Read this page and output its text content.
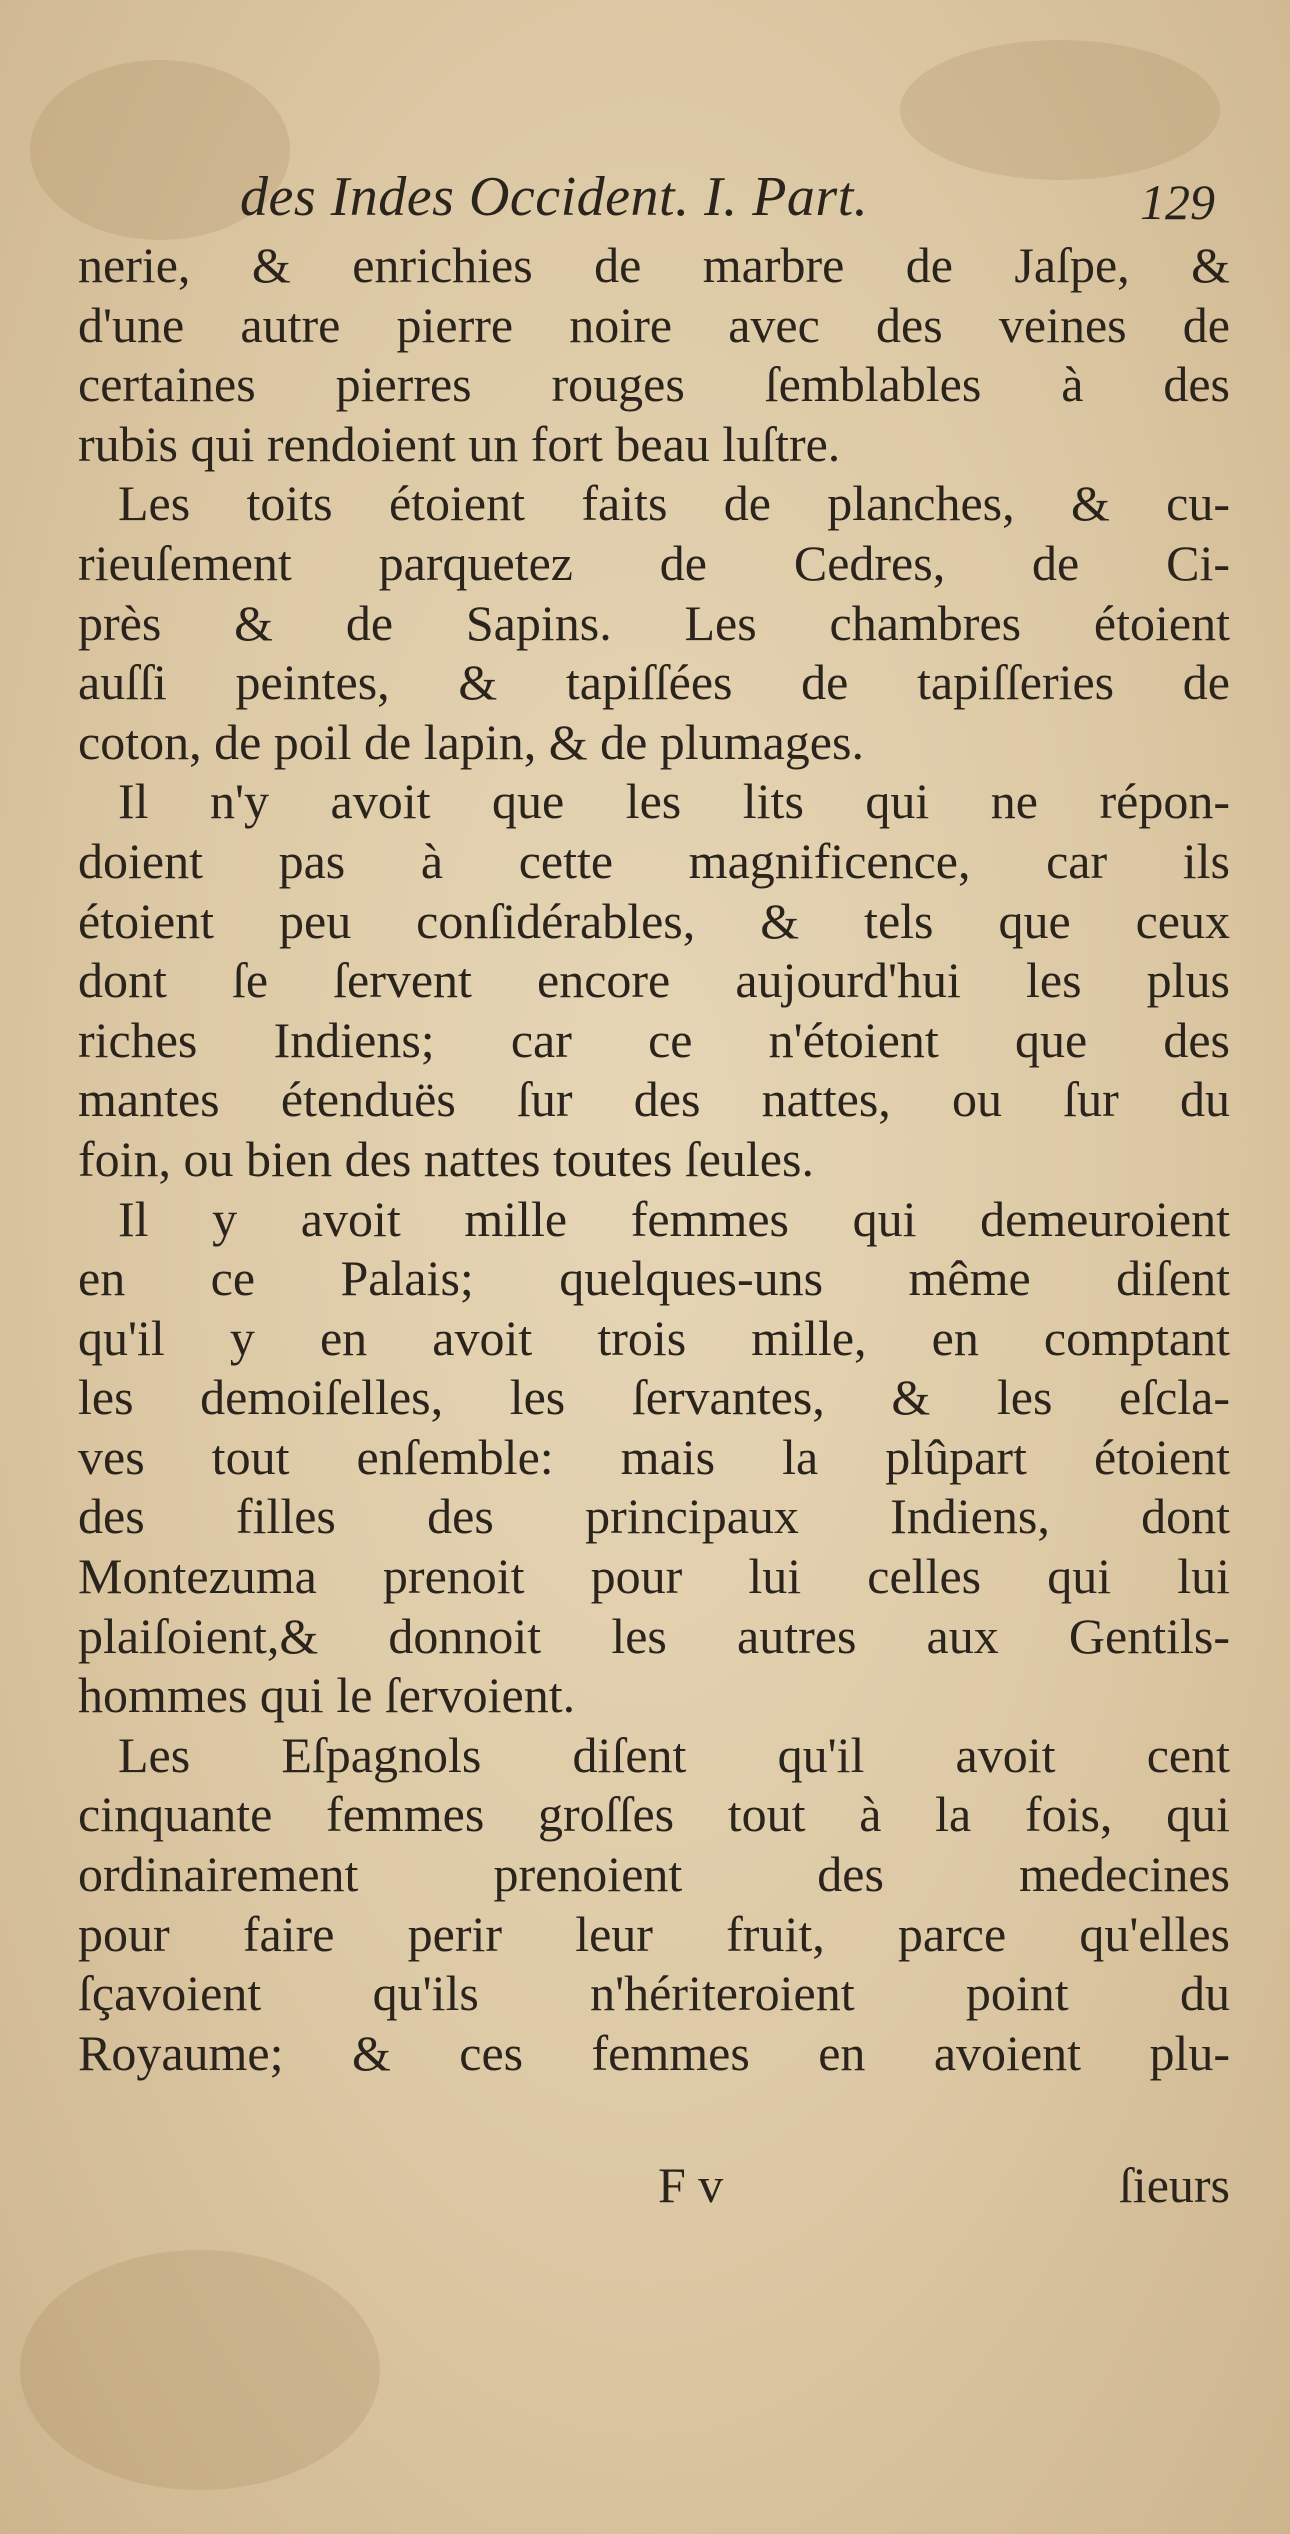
des Indes Occident. I. Part.	129
nerie, & enrichies de marbre de Jaſpe, &
d'une autre pierre noire avec des veines de
certaines pierres rouges ſemblables à des
rubis qui rendoient un fort beau luſtre.
Les toits étoient faits de planches, & cu-
rieuſement parquetez de Cedres, de Ci-
près & de Sapins. Les chambres étoient
auſſi peintes, & tapiſſées de tapiſſeries de
coton, de poil de lapin, & de plumages.
Il n'y avoit que les lits qui ne répon-
doient pas à cette magnificence, car ils
étoient peu conſidérables, & tels que ceux
dont ſe ſervent encore aujourd'hui les plus
riches Indiens; car ce n'étoient que des
mantes étenduës ſur des nattes, ou ſur du
foin, ou bien des nattes toutes ſeules.
Il y avoit mille femmes qui demeuroient
en ce Palais; quelques-uns même diſent
qu'il y en avoit trois mille, en comptant
les demoiſelles, les ſervantes, & les eſcla-
ves tout enſemble: mais la plûpart étoient
des filles des principaux Indiens, dont
Montezuma prenoit pour lui celles qui lui
plaiſoient,& donnoit les autres aux Gentils-
hommes qui le ſervoient.
Les Eſpagnols diſent qu'il avoit cent
cinquante femmes groſſes tout à la fois, qui
ordinairement prenoient des medecines
pour faire perir leur fruit, parce qu'elles
ſçavoient qu'ils n'hériteroient point du
Royaume; & ces femmes en avoient plu-
F v	ſieurs
